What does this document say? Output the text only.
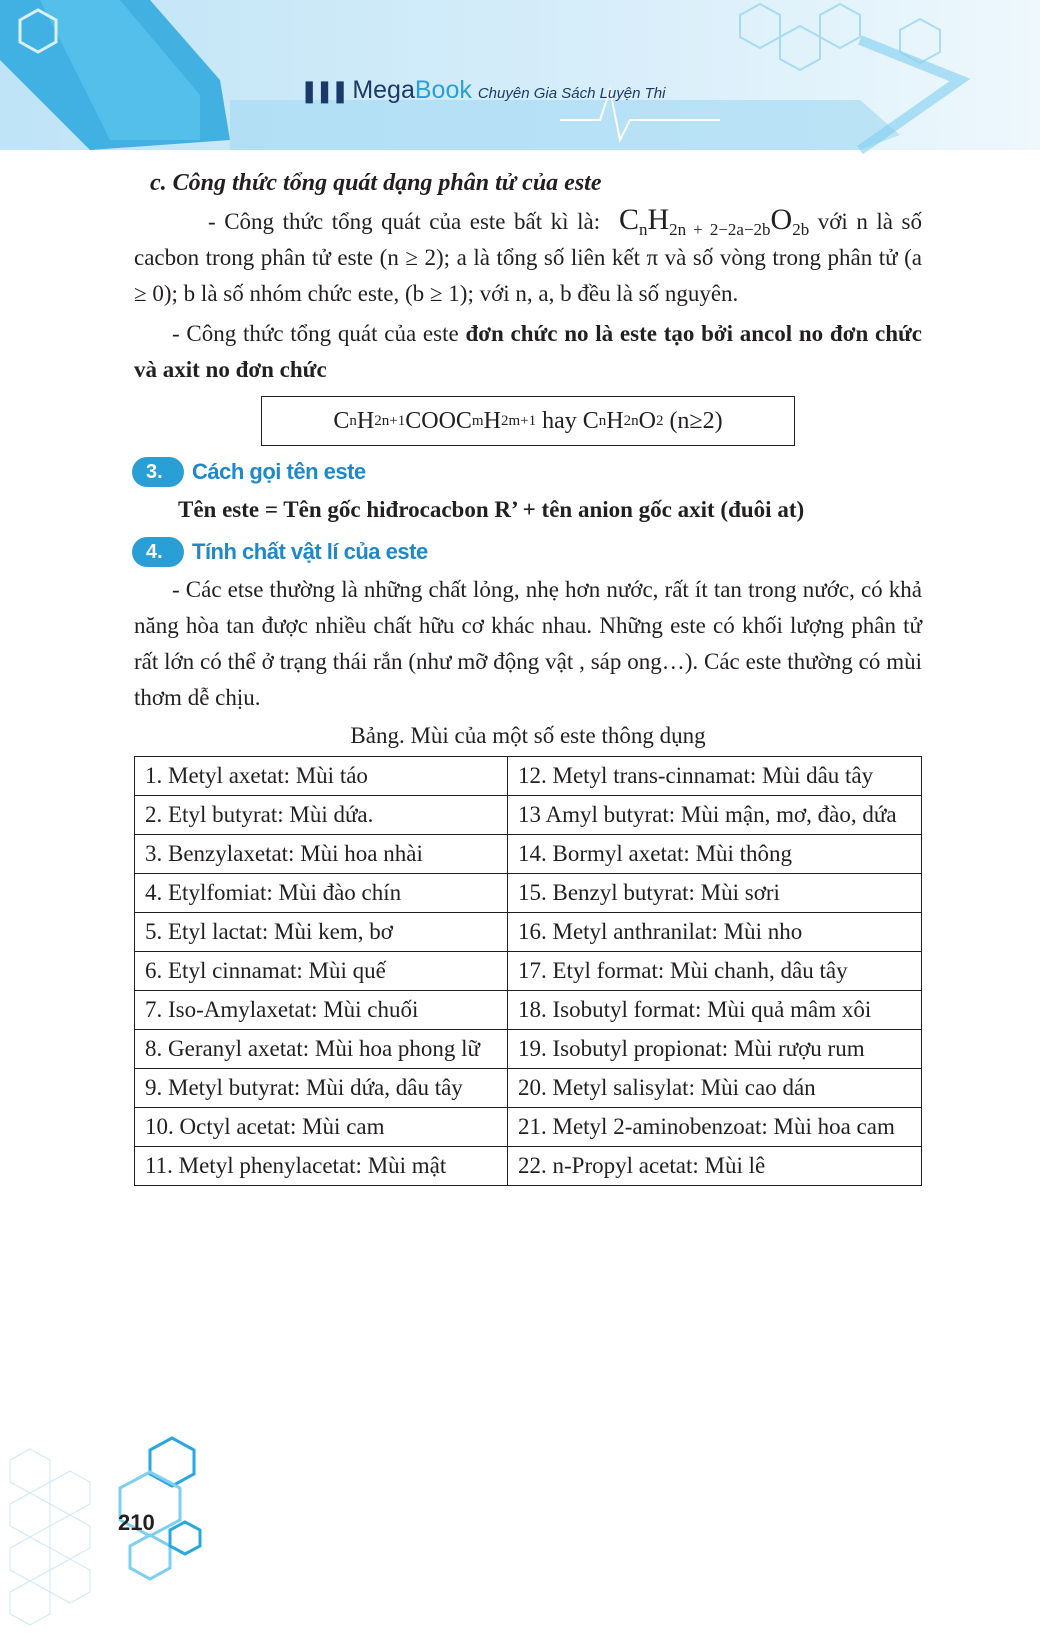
❚❚❚ MegaBook Chuyên Gia Sách Luyện Thi
c. Công thức tổng quát dạng phân tử của este

- Công thức tổng quát của este bất kì là:  $C_nH_{2n + 2-2a-2b}O_{2b}$ với n là số cacbon trong phân tử este (n ≥ 2); a là tổng số liên kết π và số vòng trong phân tử (a ≥ 0); b là số nhóm chức este, (b ≥ 1); với n, a, b đều là số nguyên.

- Công thức tổng quát của este đơn chức no là este tạo bởi ancol no đơn chức và axit no đơn chức

C n H 2n+1 COOC m H 2m+1 hay C n H 2n O 2 (n≥2)
3.	Cách gọi tên este
Tên este = Tên gốc hiđrocacbon R’ + tên anion gốc axit (đuôi at)
4.	Tính chất vật lí của este

- Các etse thường là những chất lỏng, nhẹ hơn nước, rất ít tan trong nước, có khả năng hòa tan được nhiều chất hữu cơ khác nhau. Những este có khối lượng phân tử rất lớn có thể ở trạng thái rắn (như mỡ động vật , sáp ong…). Các este thường có mùi thơm dễ chịu.

Bảng. Mùi của một số este thông dụng
1. Metyl axetat: Mùi táo	12. Metyl trans-cinnamat: Mùi dâu tây
2. Etyl butyrat: Mùi dứa.	13 Amyl butyrat: Mùi mận, mơ, đào, dứa
3. Benzylaxetat: Mùi hoa nhài	14. Bormyl axetat: Mùi thông
4. Etylfomiat: Mùi đào chín	15. Benzyl butyrat: Mùi sơri
5. Etyl lactat: Mùi kem, bơ	16. Metyl anthranilat: Mùi nho
6. Etyl cinnamat: Mùi quế	17. Etyl format: Mùi chanh, dâu tây
7. Iso-Amylaxetat: Mùi chuối	18. Isobutyl format: Mùi quả mâm xôi
8. Geranyl axetat: Mùi hoa phong lữ	19. Isobutyl propionat: Mùi rượu rum
9. Metyl butyrat: Mùi dứa, dâu tây	20. Metyl salisylat: Mùi cao dán
10. Octyl acetat: Mùi cam	21. Metyl 2-aminobenzoat: Mùi hoa cam
11. Metyl phenylacetat: Mùi mật	22. n-Propyl acetat: Mùi lê
210
